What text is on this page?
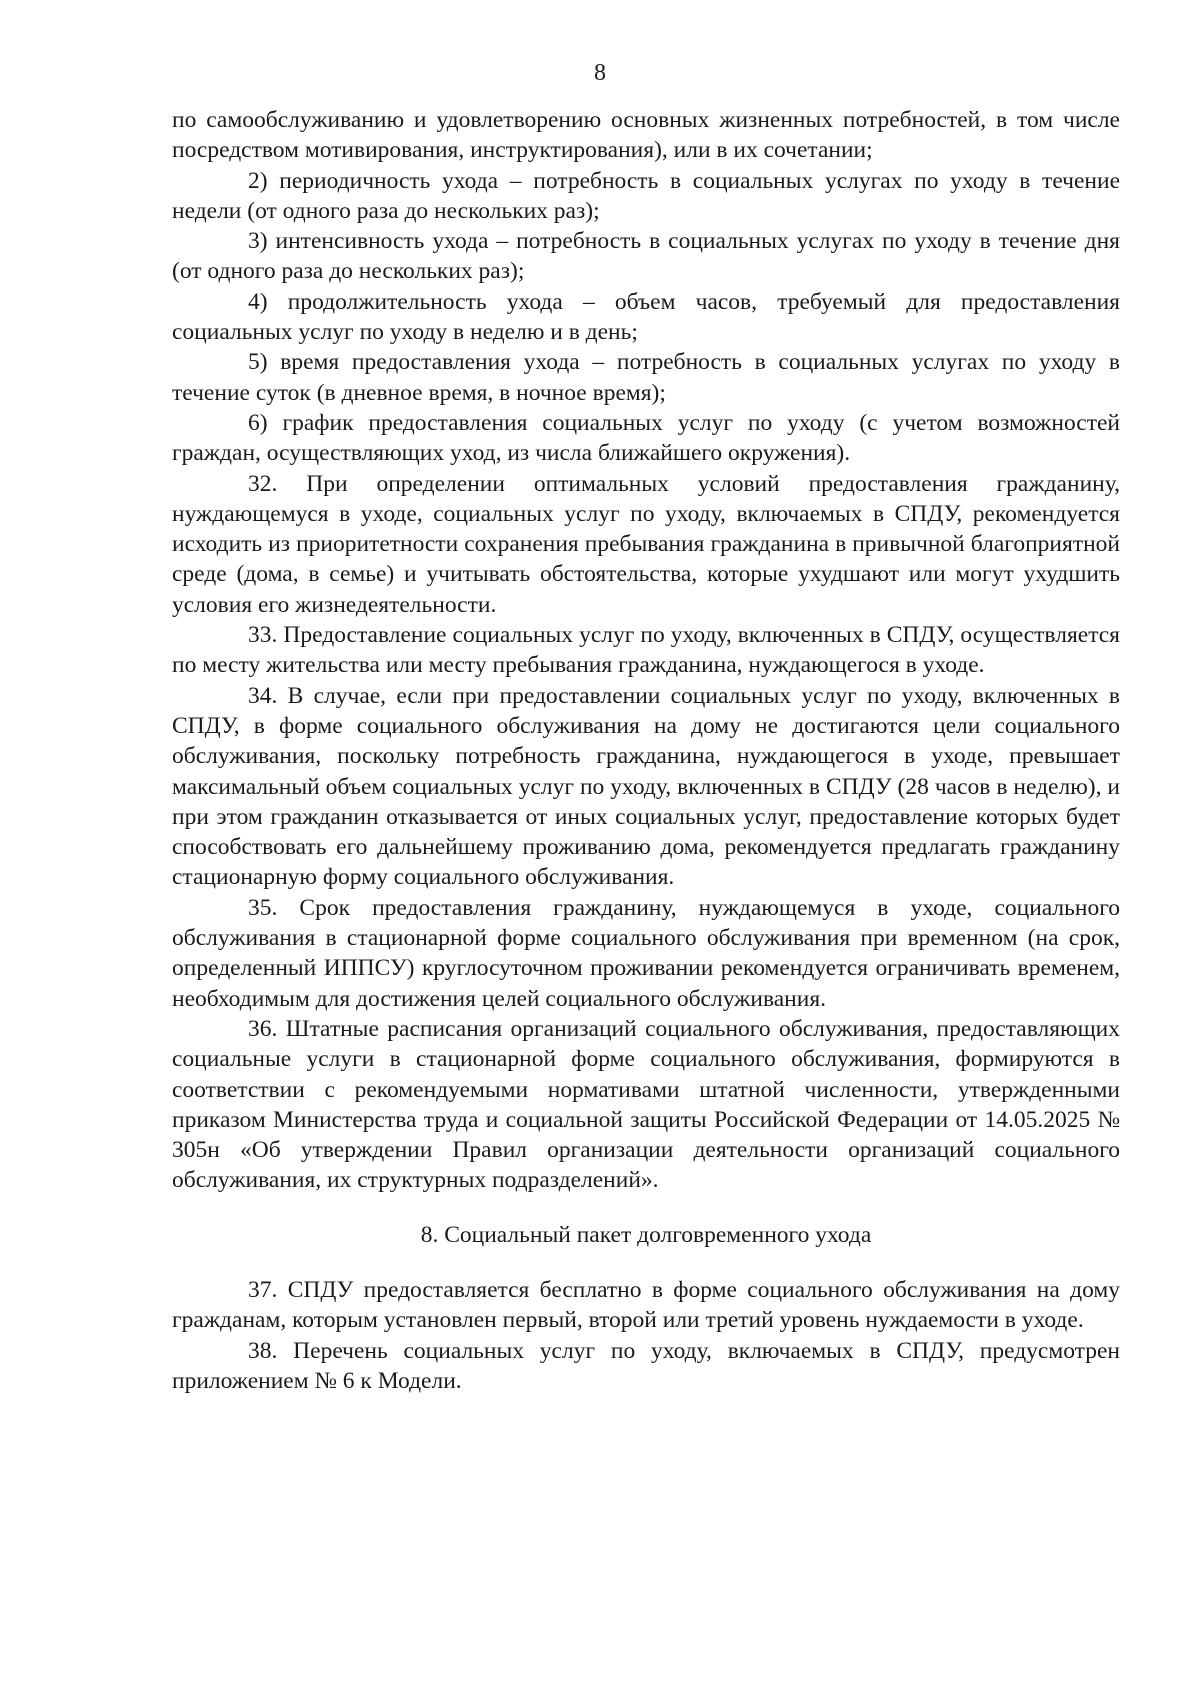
8

по самообслуживанию и удовлетворению основных жизненных потребностей, в том числе посредством мотивирования, инструктирования), или в их сочетании;

2) периодичность ухода – потребность в социальных услугах по уходу в течение недели (от одного раза до нескольких раз);

3) интенсивность ухода – потребность в социальных услугах по уходу в течение дня (от одного раза до нескольких раз);

4) продолжительность ухода – объем часов, требуемый для предоставления социальных услуг по уходу в неделю и в день;

5) время предоставления ухода – потребность в социальных услугах по уходу в течение суток (в дневное время, в ночное время);

6) график предоставления социальных услуг по уходу (с учетом возможностей граждан, осуществляющих уход, из числа ближайшего окружения).

32. При определении оптимальных условий предоставления гражданину, нуждающемуся в уходе, социальных услуг по уходу, включаемых в СПДУ, рекомендуется исходить из приоритетности сохранения пребывания гражданина в привычной благоприятной среде (дома, в семье) и учитывать обстоятельства, которые ухудшают или могут ухудшить условия его жизнедеятельности.

33. Предоставление социальных услуг по уходу, включенных в СПДУ, осуществляется по месту жительства или месту пребывания гражданина, нуждающегося в уходе.

34. В случае, если при предоставлении социальных услуг по уходу, включенных в СПДУ, в форме социального обслуживания на дому не достигаются цели социального обслуживания, поскольку потребность гражданина, нуждающегося в уходе, превышает максимальный объем социальных услуг по уходу, включенных в СПДУ (28 часов в неделю), и при этом гражданин отказывается от иных социальных услуг, предоставление которых будет способствовать его дальнейшему проживанию дома, рекомендуется предлагать гражданину стационарную форму социального обслуживания.

35. Срок предоставления гражданину, нуждающемуся в уходе, социального обслуживания в стационарной форме социального обслуживания при временном (на срок, определенный ИППСУ) круглосуточном проживании рекомендуется ограничивать временем, необходимым для достижения целей социального обслуживания.

36. Штатные расписания организаций социального обслуживания, предоставляющих социальные услуги в стационарной форме социального обслуживания, формируются в соответствии с рекомендуемыми нормативами штатной численности, утвержденными приказом Министерства труда и социальной защиты Российской Федерации от 14.05.2025 № 305н «Об утверждении Правил организации деятельности организаций социального обслуживания, их структурных подразделений».

8. Социальный пакет долговременного ухода

37. СПДУ предоставляется бесплатно в форме социального обслуживания на дому гражданам, которым установлен первый, второй или третий уровень нуждаемости в уходе.

38. Перечень социальных услуг по уходу, включаемых в СПДУ, предусмотрен приложением № 6 к Модели.
